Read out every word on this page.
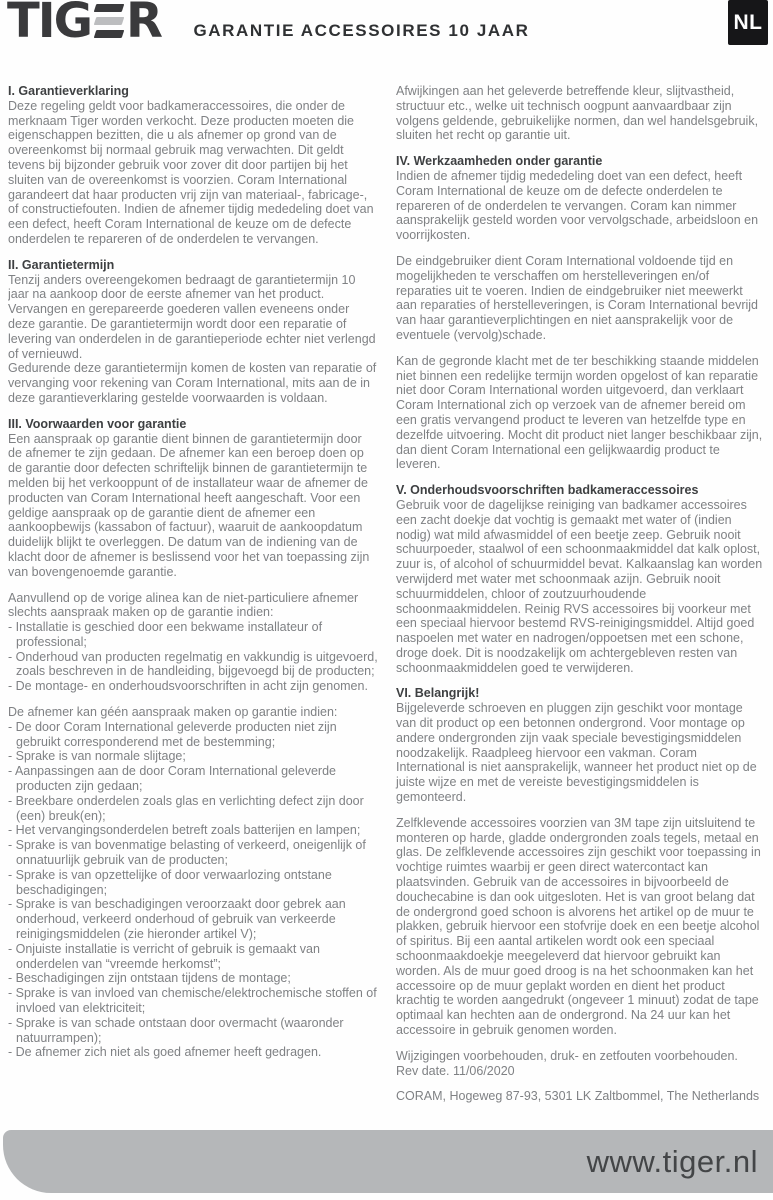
TIG R GARANTIE ACCESSOIRES 10 JAAR	NL
I. Garantieverklaring
Deze regeling geldt voor badkameraccessoires, die onder de merknaam Tiger worden verkocht. Deze producten moeten die eigenschappen bezitten, die u als afnemer op grond van de overeenkomst bij normaal gebruik mag verwachten. Dit geldt tevens bij bijzonder gebruik voor zover dit door partijen bij het sluiten van de overeenkomst is voorzien. Coram International garandeert dat haar producten vrij zijn van materiaal-, fabricage-, of constructiefouten. Indien de afnemer tijdig mededeling doet van een defect, heeft Coram International de keuze om de defecte onderdelen te repareren of de onderdelen te vervangen.
II. Garantietermijn
Tenzij anders overeengekomen bedraagt de garantietermijn 10 jaar na aankoop door de eerste afnemer van het product.
Vervangen en gerepareerde goederen vallen eveneens onder deze garantie. De garantietermijn wordt door een reparatie of levering van onderdelen in de garantieperiode echter niet verlengd of vernieuwd.
Gedurende deze garantietermijn komen de kosten van reparatie of vervanging voor rekening van Coram International, mits aan de in deze garantieverklaring gestelde voorwaarden is voldaan.
III. Voorwaarden voor garantie
Een aanspraak op garantie dient binnen de garantietermijn door de afnemer te zijn gedaan. De afnemer kan een beroep doen op de garantie door defecten schriftelijk binnen de garantietermijn te melden bij het verkooppunt of de installateur waar de afnemer de producten van Coram International heeft aangeschaft. Voor een geldige aanspraak op de garantie dient de afnemer een aankoopbewijs (kassabon of factuur), waaruit de aankoopdatum duidelijk blijkt te overleggen. De datum van de indiening van de klacht door de afnemer is beslissend voor het van toepassing zijn van bovengenoemde garantie.
Aanvullend op de vorige alinea kan de niet-particuliere afnemer slechts aanspraak maken op de garantie indien:
- Installatie is geschied door een bekwame installateur of professional;
- Onderhoud van producten regelmatig en vakkundig is uitgevoerd, zoals beschreven in de handleiding, bijgevoegd bij de producten;
- De montage- en onderhoudsvoorschriften in acht zijn genomen.
De afnemer kan géén aanspraak maken op garantie indien:
- De door Coram International geleverde producten niet zijn gebruikt corresponderend met de bestemming;
- Sprake is van normale slijtage;
- Aanpassingen aan de door Coram International geleverde producten zijn gedaan;
- Breekbare onderdelen zoals glas en verlichting defect zijn door (een) breuk(en);
- Het vervangingsonderdelen betreft zoals batterijen en lampen;
- Sprake is van bovenmatige belasting of verkeerd, oneigenlijk of onnatuurlijk gebruik van de producten;
- Sprake is van opzettelijke of door verwaarlozing ontstane beschadigingen;
- Sprake is van beschadigingen veroorzaakt door gebrek aan onderhoud, verkeerd onderhoud of gebruik van verkeerde reinigingsmiddelen (zie hieronder artikel V);
- Onjuiste installatie is verricht of gebruik is gemaakt van onderdelen van “vreemde herkomst”;
- Beschadigingen zijn ontstaan tijdens de montage;
- Sprake is van invloed van chemische/elektrochemische stoffen of invloed van elektriciteit;
- Sprake is van schade ontstaan door overmacht (waaronder natuurrampen);
- De afnemer zich niet als goed afnemer heeft gedragen.
Afwijkingen aan het geleverde betreffende kleur, slijtvastheid, structuur etc., welke uit technisch oogpunt aanvaardbaar zijn volgens geldende, gebruikelijke normen, dan wel handelsgebruik, sluiten het recht op garantie uit.
IV. Werkzaamheden onder garantie
Indien de afnemer tijdig mededeling doet van een defect, heeft Coram International de keuze om de defecte onderdelen te repareren of de onderdelen te vervangen. Coram kan nimmer aansprakelijk gesteld worden voor vervolgschade, arbeidsloon en voorrijkosten.
De eindgebruiker dient Coram International voldoende tijd en mogelijkheden te verschaffen om herstelleveringen en/of reparaties uit te voeren. Indien de eindgebruiker niet meewerkt aan reparaties of herstelleveringen, is Coram International bevrijd van haar garantieverplichtingen en niet aansprakelijk voor de eventuele (vervolg)schade.
Kan de gegronde klacht met de ter beschikking staande middelen niet binnen een redelijke termijn worden opgelost of kan reparatie niet door Coram International worden uitgevoerd, dan verklaart Coram International zich op verzoek van de afnemer bereid om een gratis vervangend product te leveren van hetzelfde type en dezelfde uitvoering. Mocht dit product niet langer beschikbaar zijn, dan dient Coram International een gelijkwaardig product te leveren.
V. Onderhoudsvoorschriften badkameraccessoires
Gebruik voor de dagelijkse reiniging van badkamer accessoires een zacht doekje dat vochtig is gemaakt met water of (indien nodig) wat mild afwasmiddel of een beetje zeep. Gebruik nooit schuurpoeder, staalwol of een schoonmaakmiddel dat kalk oplost, zuur is, of alcohol of schuurmiddel bevat. Kalkaanslag kan worden verwijderd met water met schoonmaak azijn. Gebruik nooit schuurmiddelen, chloor of zoutzuurhoudende schoonmaakmiddelen. Reinig RVS accessoires bij voorkeur met een speciaal hiervoor bestemd RVS-reinigingsmiddel. Altijd goed naspoelen met water en nadrogen/oppoetsen met een schone, droge doek. Dit is noodzakelijk om achtergebleven resten van schoonmaakmiddelen goed te verwijderen.
VI. Belangrijk!
Bijgeleverde schroeven en pluggen zijn geschikt voor montage van dit product op een betonnen ondergrond. Voor montage op andere ondergronden zijn vaak speciale bevestigingsmiddelen noodzakelijk. Raadpleeg hiervoor een vakman. Coram International is niet aansprakelijk, wanneer het product niet op de juiste wijze en met de vereiste bevestigingsmiddelen is gemonteerd.
Zelfklevende accessoires voorzien van 3M tape zijn uitsluitend te monteren op harde, gladde ondergronden zoals tegels, metaal en glas. De zelfklevende accessoires zijn geschikt voor toepassing in vochtige ruimtes waarbij er geen direct watercontact kan plaatsvinden. Gebruik van de accessoires in bijvoorbeeld de douchecabine is dan ook uitgesloten. Het is van groot belang dat de ondergrond goed schoon is alvorens het artikel op de muur te plakken, gebruik hiervoor een stofvrije doek en een beetje alcohol of spiritus. Bij een aantal artikelen wordt ook een speciaal schoonmaakdoekje meegeleverd dat hiervoor gebruikt kan worden. Als de muur goed droog is na het schoonmaken kan het accessoire op de muur geplakt worden en dient het product krachtig te worden aangedrukt (ongeveer 1 minuut) zodat de tape optimaal kan hechten aan de ondergrond. Na 24 uur kan het accessoire in gebruik genomen worden.
Wijzigingen voorbehouden, druk- en zetfouten voorbehouden.
Rev date. 11/06/2020
CORAM, Hogeweg 87-93, 5301 LK Zaltbommel, The Netherlands
www.tiger.nl
